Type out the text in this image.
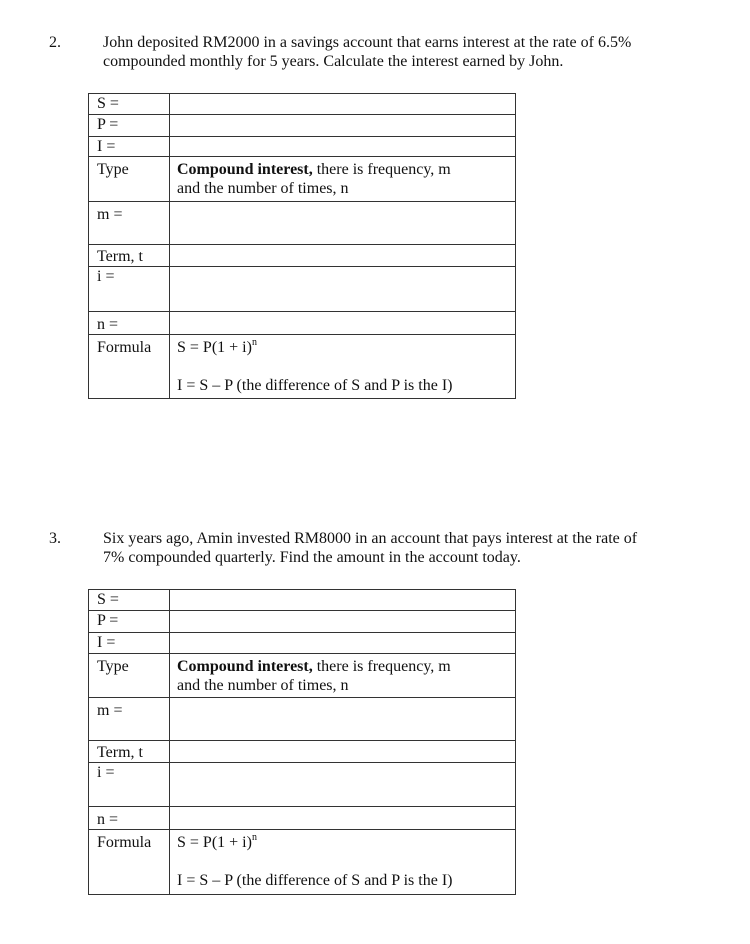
2.	John deposited RM2000 in a savings account that earns interest at the rate of 6.5%
compounded monthly for 5 years. Calculate the interest earned by John.
S =	
P =	
I =	
Type	Compound interest, there is frequency, m
and the number of times, n

m =	
Term, t	
i =	
n =	
Formula	$S = P(1 + i)^n$
I = S – P (the difference of S and P is the I)
3.	Six years ago, Amin invested RM8000 in an account that pays interest at the rate of
7% compounded quarterly. Find the amount in the account today.
S =	
P =	
I =	
Type	Compound interest, there is frequency, m
and the number of times, n

m =	
Term, t	
i =	
n =	
Formula	$S = P(1 + i)^n$
I = S – P (the difference of S and P is the I)
